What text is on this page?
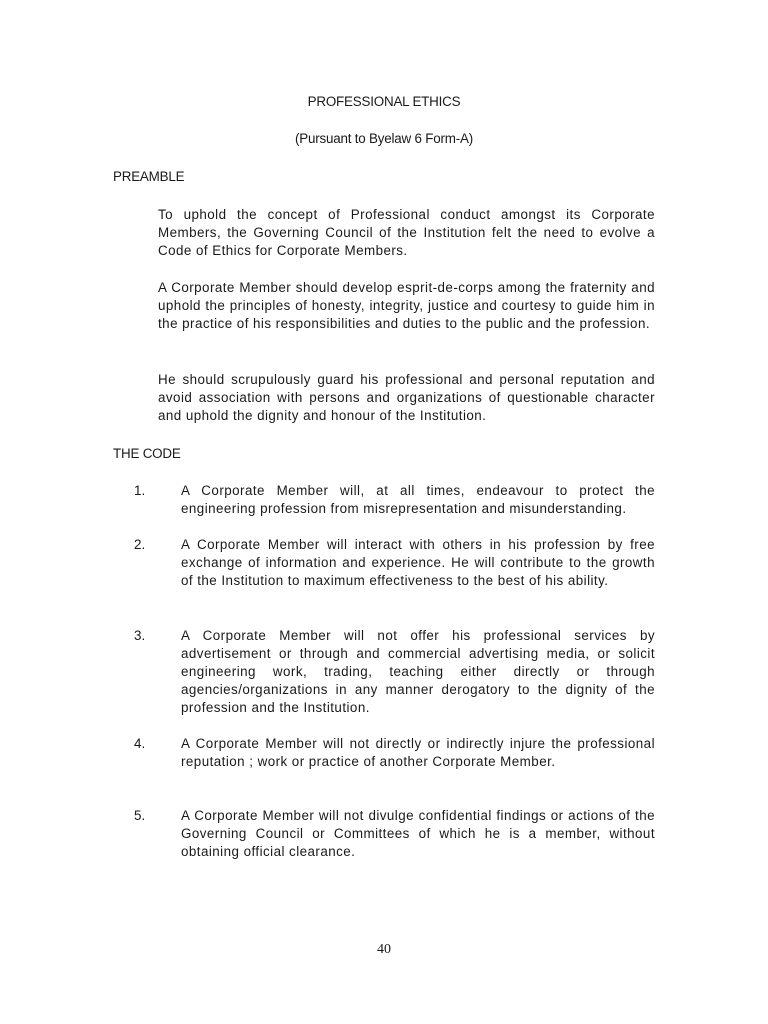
PROFESSIONAL ETHICS
(Pursuant to Byelaw 6 Form-A)
PREAMBLE

To uphold the concept of Professional conduct amongst its Corporate Members, the Governing Council of the Institution felt the need to evolve a Code of Ethics for Corporate Members.

A Corporate Member should develop esprit-de-corps among the fraternity and uphold the principles of honesty, integrity, justice and courtesy to guide him in the practice of his responsibilities and duties to the public and the profession.

He should scrupulously guard his professional and personal reputation and avoid association with persons and organizations of questionable character and uphold the dignity and honour of the Institution.

THE CODE
1.	A Corporate Member will, at all times, endeavour to protect the engineering profession from misrepresentation and misunderstanding.

2.	A Corporate Member will interact with others in his profession by free exchange of information and experience. He will contribute to the growth of the Institution to maximum effectiveness to the best of his ability.

3.	A Corporate Member will not offer his professional services by advertisement or through and commercial advertising media, or solicit engineering work, trading, teaching either directly or through agencies/organizations in any manner derogatory to the dignity of the profession and the Institution.

4.	A Corporate Member will not directly or indirectly injure the professional reputation ; work or practice of another Corporate Member.

5.	A Corporate Member will not divulge confidential findings or actions of the Governing Council or Committees of which he is a member, without obtaining official clearance.

40
